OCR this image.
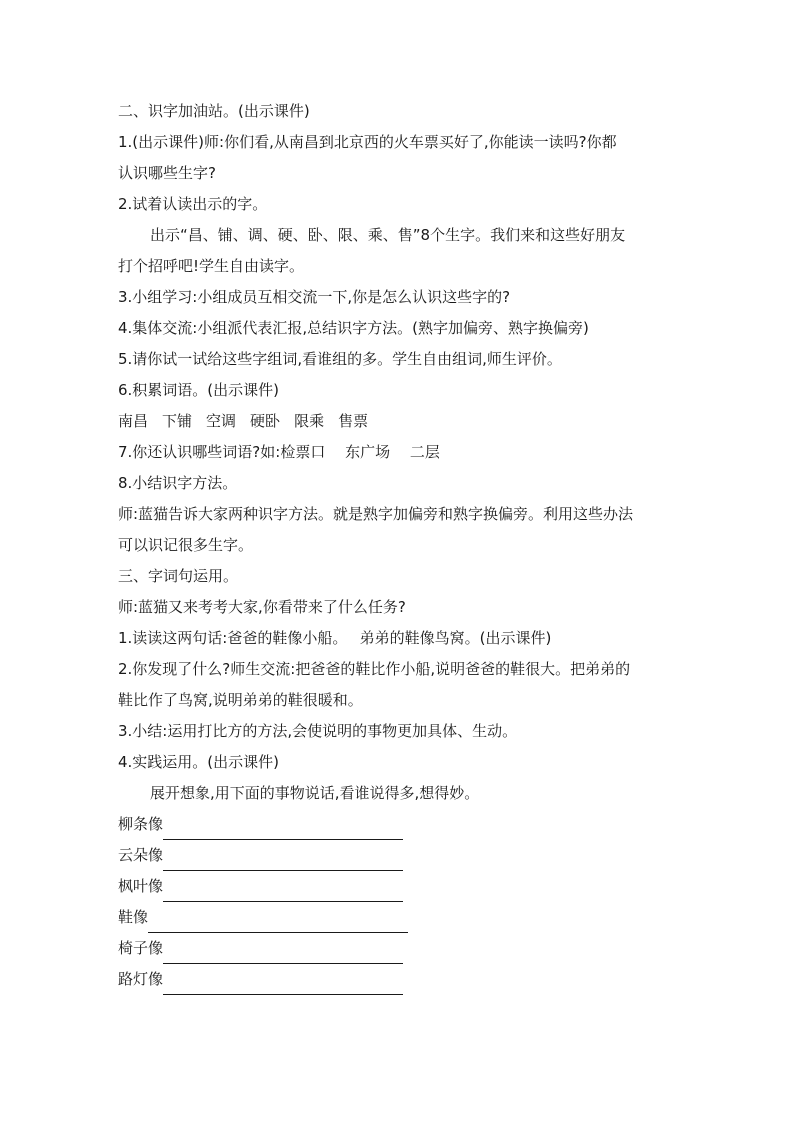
二、识字加油站。(出示课件)
1.(出示课件)师:你们看,从南昌到北京西的火车票买好了,你能读一读吗?你都
认识哪些生字?
2.试着认读出示的字。
出示“昌、铺、调、硬、卧、限、乘、售”8个生字。我们来和这些好朋友
打个招呼吧!学生自由读字。
3.小组学习:小组成员互相交流一下,你是怎么认识这些字的?
4.集体交流:小组派代表汇报,总结识字方法。(熟字加偏旁、熟字换偏旁)
5.请你试一试给这些字组词,看谁组的多。学生自由组词,师生评价。
6.积累词语。(出示课件)
南昌 下铺 空调 硬卧 限乘 售票
7.你还认识哪些词语?如:检票口　 东广场　 二层
8.小结识字方法。
师:蓝猫告诉大家两种识字方法。就是熟字加偏旁和熟字换偏旁。利用这些办法
可以识记很多生字。
三、字词句运用。
师:蓝猫又来考考大家,你看带来了什么任务?
1.读读这两句话:爸爸的鞋像小船。　 弟弟的鞋像鸟窝。(出示课件)
2.你发现了什么?师生交流:把爸爸的鞋比作小船,说明爸爸的鞋很大。把弟弟的
鞋比作了鸟窝,说明弟弟的鞋很暖和。
3.小结:运用打比方的方法,会使说明的事物更加具体、生动。
4.实践运用。(出示课件)
展开想象,用下面的事物说话,看谁说得多,想得妙。
柳条像
云朵像
枫叶像
鞋像
椅子像
路灯像
